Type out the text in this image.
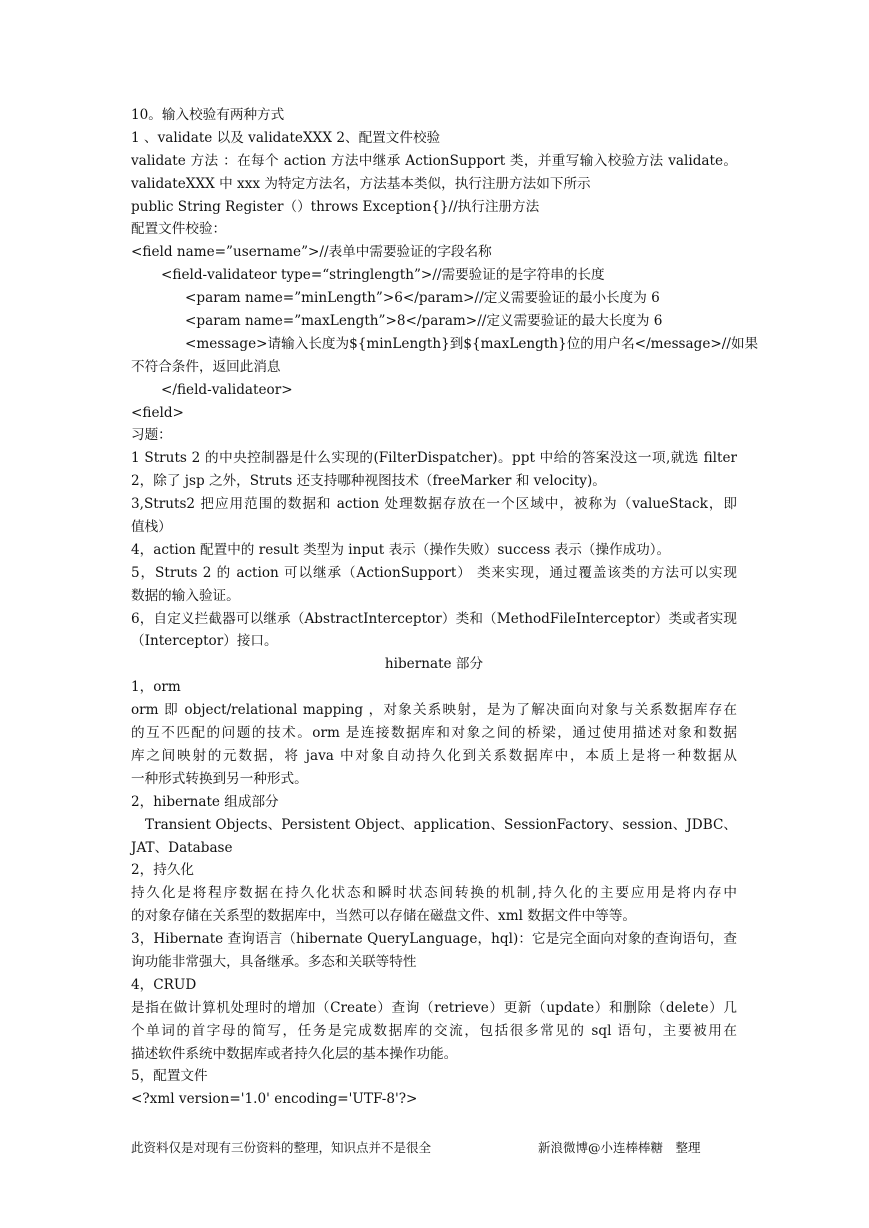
10。输入校验有两种方式
1 、validate 以及 validateXXX 2、配置文件校验
validate 方法 ：在每个 action 方法中继承 ActionSupport 类，并重写输入校验方法 validate。
validateXXX 中 xxx 为特定方法名，方法基本类似，执行注册方法如下所示
public String Register（）throws Exception{}//执行注册方法
配置文件校验：
<field name=”username”>//表单中需要验证的字段名称
<field-validateor type=“stringlength”>//需要验证的是字符串的长度
<param name=”minLength”>6</param>//定义需要验证的最小长度为 6
<param name=”maxLength”>8</param>//定义需要验证的最大长度为 6
<message>请输入长度为${minLength}到${maxLength}位的用户名</message>//如果
不符合条件，返回此消息
</field-validateor>
<field>
习题：
1 Struts 2 的中央控制器是什么实现的(FilterDispatcher)。ppt 中给的答案没这一项,就选 filter
2，除了 jsp 之外，Struts 还支持哪种视图技术（freeMarker 和 velocity)。
3,Struts2 把应用范围的数据和 action 处理数据存放在一个区域中，被称为（valueStack，即
值栈）
4，action 配置中的 result 类型为 input 表示（操作失败）success 表示（操作成功）。
5，Struts 2 的 action 可以继承（ActionSupport） 类来实现，通过覆盖该类的方法可以实现
数据的输入验证。
6，自定义拦截器可以继承（AbstractInterceptor）类和（MethodFileInterceptor）类或者实现
（Interceptor）接口。
hibernate 部分
1，orm
orm 即 object/relational mapping ，对象关系映射，是为了解决面向对象与关系数据库存在
的互不匹配的问题的技术。orm 是连接数据库和对象之间的桥梁，通过使用描述对象和数据
库之间映射的元数据，将 java 中对象自动持久化到关系数据库中，本质上是将一种数据从
一种形式转换到另一种形式。
2，hibernate 组成部分
Transient Objects、Persistent Object、application、SessionFactory、session、JDBC、
JAT、Database
2，持久化
持久化是将程序数据在持久化状态和瞬时状态间转换的机制,持久化的主要应用是将内存中
的对象存储在关系型的数据库中，当然可以存储在磁盘文件、xml 数据文件中等等。
3，Hibernate 查询语言（hibernate QueryLanguage，hql)：它是完全面向对象的查询语句，查
询功能非常强大，具备继承。多态和关联等特性
4，CRUD
是指在做计算机处理时的增加（Create）查询（retrieve）更新（update）和删除（delete）几
个单词的首字母的简写，任务是完成数据库的交流，包括很多常见的 sql 语句，主要被用在
描述软件系统中数据库或者持久化层的基本操作功能。
5，配置文件
<?xml version='1.0' encoding='UTF-8'?>
此资料仅是对现有三份资料的整理，知识点并不是很全	新浪微博@小连棒棒糖　整理
